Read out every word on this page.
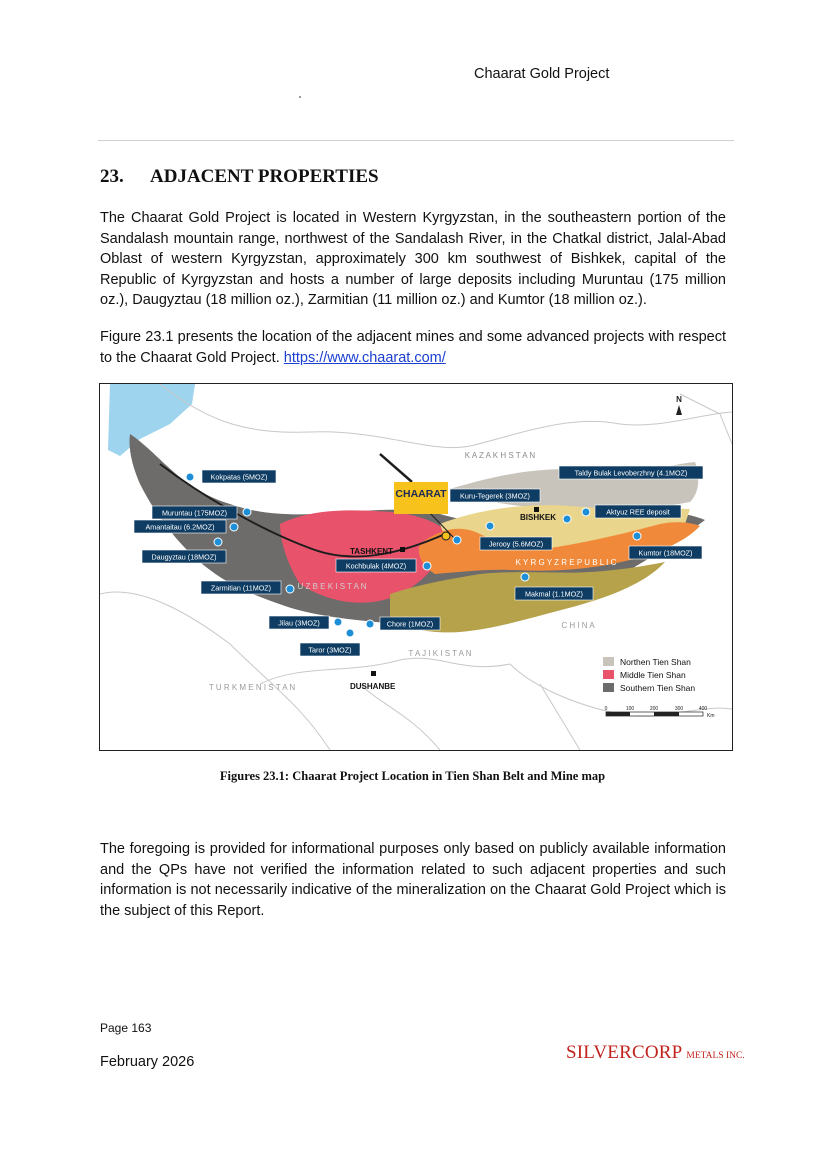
Chaarat Gold Project
23. ADJACENT PROPERTIES
The Chaarat Gold Project is located in Western Kyrgyzstan, in the southeastern portion of the Sandalash mountain range, northwest of the Sandalash River, in the Chatkal district, Jalal-Abad Oblast of western Kyrgyzstan, approximately 300 km southwest of Bishkek, capital of the Republic of Kyrgyzstan and hosts a number of large deposits including Muruntau (175 million oz.), Daugyztau (18 million oz.), Zarmitian (11 million oz.) and Kumtor (18 million oz.).
Figure 23.1 presents the location of the adjacent mines and some advanced projects with respect to the Chaarat Gold Project. https://www.chaarat.com/
N
K A Z A K H S T A N
U Z B E K I S T A N
K Y R G Y Z R E P U B L I C
T A J I K I S T A N
C H I N A
T U R K M E N I S T A N
TASHKENT
BISHKEK
DUSHANBE
CHAARAT
Kokpatas (5MOZ)
Muruntau (175MOZ)
Amantaitau (6.2MOZ)
Daugyztau (18MOZ)
Zarmitian (11MOZ)
Kuru-Tegerek (3MOZ)
Taldy Bulak Levoberzhny (4.1MOZ)
Aktyuz REE deposit
Jerooy (5.6MOZ)
Kochbulak (4MOZ)
Kumtor (18MOZ)
Makmal (1.1MOZ)
Jilau (3MOZ)	Chore (1MOZ)
Taror (3MOZ)
Northen Tien Shan
Middle Tien Shan
Southern Tien Shan
0	100	200	300	400
Km
Figures 23.1: Chaarat Project Location in Tien Shan Belt and Mine map
The foregoing is provided for informational purposes only based on publicly available information and the QPs have not verified the information related to such adjacent properties and such information is not necessarily indicative of the mineralization on the Chaarat Gold Project which is the subject of this Report.
Page 163
February 2026	SILVERCORP METALS INC.
